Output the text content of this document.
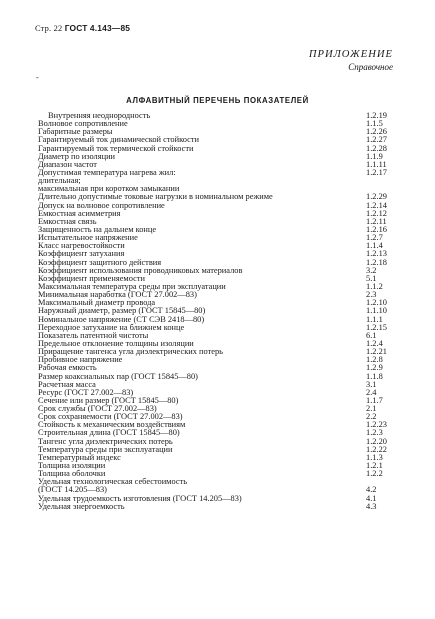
Стр. 22 ГОСТ 4.143—85
ПРИЛОЖЕНИЕ
Справочное
-
АЛФАВИТНЫЙ ПЕРЕЧЕНЬ ПОКАЗАТЕЛЕЙ
Внутренняя неоднородность	1.2.19
Волновое сопротивление	1.1.5
Габаритные размеры	1.2.26
Гарантируемый ток динамической стойкости	1.2.27
Гарантируемый ток термической стойкости	1.2.28
Диаметр по изоляции	1.1.9
Диапазон частот	1.1.11
Допустимая температура нагрева жил:	1.2.17
длительная;
максимальная при коротком замыкании
Длительно допустимые токовые нагрузки в номинальном режиме	1.2.29
Допуск на волновое сопротивление	1.2.14
Емкостная асимметрия	1.2.12
Емкостная связь	1.2.11
Защищенность на дальнем конце	1.2.16
Испытательное напряжение	1.2.7
Класс нагревостойкости	1.1.4
Коэффициент затухания	1.2.13
Коэффициент защитного действия	1.2.18
Коэффициент использования проводниковых материалов	3.2
Коэффициент применяемости	5.1
Максимальная температура среды при эксплуатации	1.1.2
Минимальная наработка (ГОСТ 27.002—83)	2.3
Максимальный диаметр провода	1.2.10
Наружный диаметр, размер (ГОСТ 15845—80)	1.1.10
Номинальное напряжение (СТ СЭВ 2418—80)	1.1.1
Переходное затухание на ближнем конце	1.2.15
Показатель патентной чистоты	6.1
Предельное отклонение толщины изоляции	1.2.4
Приращение тангенса угла диэлектрических потерь	1.2.21
Пробивное напряжение	1.2.8
Рабочая емкость	1.2.9
Размер коаксиальных пар (ГОСТ 15845—80)	1.1.8
Расчетная масса	3.1
Ресурс (ГОСТ 27.002—83)	2.4
Сечение или размер (ГОСТ 15845—80)	1.1.7
Срок службы (ГОСТ 27.002—83)	2.1
Срок сохраняемости (ГОСТ 27.002—83)	2.2
Стойкость к механическим воздействиям	1.2.23
Строительная длина (ГОСТ 15845—80)	1.2.3
Тангенс угла диэлектрических потерь	1.2.20
Температура среды при эксплуатации	1.2.22
Температурный индекс	1.1.3
Толщина изоляции	1.2.1
Толщина оболочки	1.2.2
Удельная технологическая себестоимость
(ГОСТ 14.205—83)	4.2
Удельная трудоемкость изготовления (ГОСТ 14.205—83)	4.1
Удельная энергоемкость	4.3
